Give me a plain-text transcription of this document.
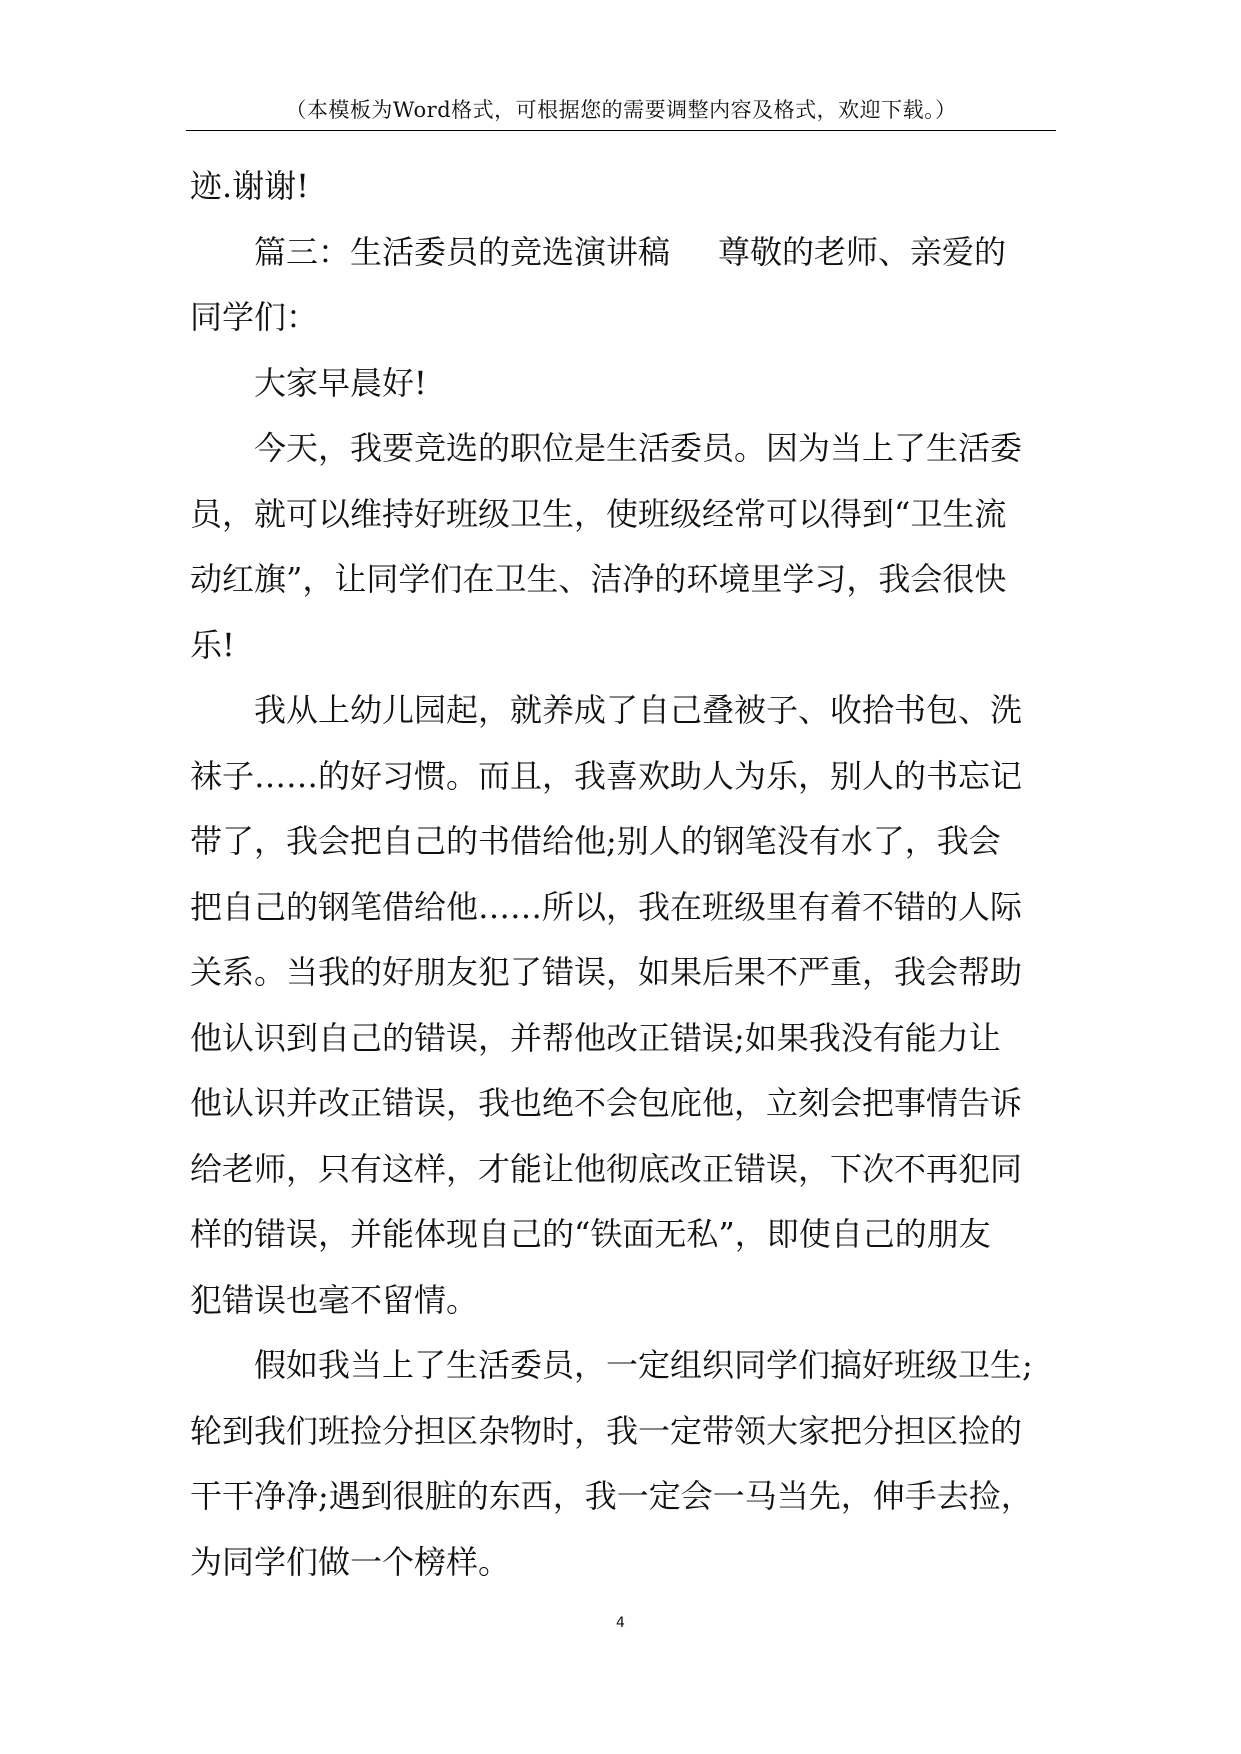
（本模板为Word格式，可根据您的需要调整内容及格式，欢迎下载。）
迹.谢谢!
篇三：生活委员的竞选演讲稿 尊敬的老师、亲爱的
同学们：
大家早晨好!
今天，我要竞选的职位是生活委员。因为当上了生活委
员，就可以维持好班级卫生，使班级经常可以得到“卫生流
动红旗”，让同学们在卫生、洁净的环境里学习，我会很快
乐!
我从上幼儿园起，就养成了自己叠被子、收拾书包、洗
袜子……的好习惯。而且，我喜欢助人为乐，别人的书忘记
带了，我会把自己的书借给他;别人的钢笔没有水了，我会
把自己的钢笔借给他……所以，我在班级里有着不错的人际
关系。当我的好朋友犯了错误，如果后果不严重，我会帮助
他认识到自己的错误，并帮他改正错误;如果我没有能力让
他认识并改正错误，我也绝不会包庇他，立刻会把事情告诉
给老师，只有这样，才能让他彻底改正错误，下次不再犯同
样的错误，并能体现自己的“铁面无私”，即使自己的朋友
犯错误也毫不留情。
假如我当上了生活委员，一定组织同学们搞好班级卫生;
轮到我们班捡分担区杂物时，我一定带领大家把分担区捡的
干干净净;遇到很脏的东西，我一定会一马当先，伸手去捡，
为同学们做一个榜样。
4
